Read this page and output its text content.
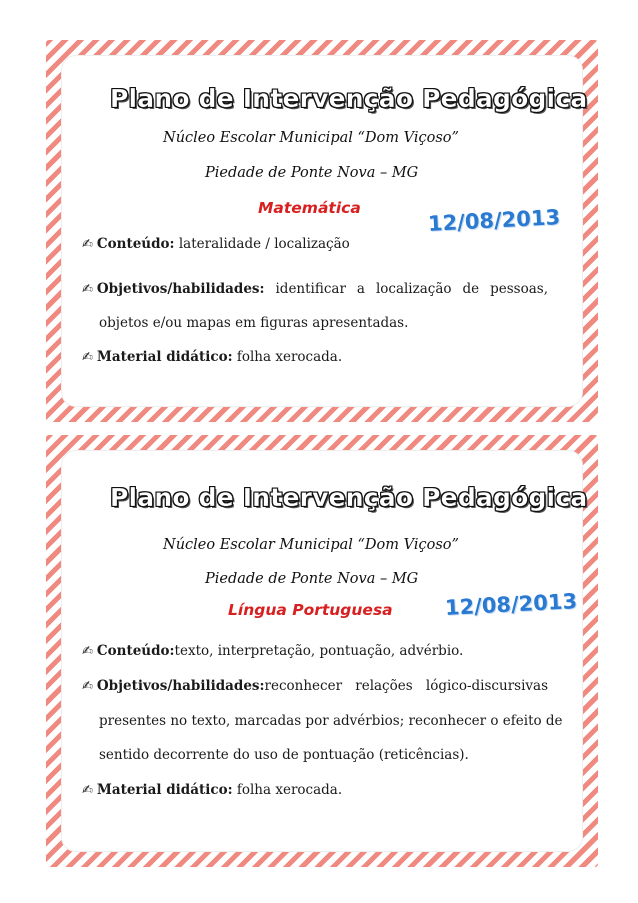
Plano de Intervenção Pedagógica
Núcleo Escolar Municipal “Dom Viçoso”
Piedade de Ponte Nova – MG
Matemática	12/08/2013
✍ Conteúdo: lateralidade / localização
✍ Objetivos/habilidades: identificar a localização de pessoas,
objetos e/ou mapas em figuras apresentadas.
✍ Material didático: folha xerocada.
Plano de Intervenção Pedagógica
Núcleo Escolar Municipal “Dom Viçoso”
Piedade de Ponte Nova – MG
Língua Portuguesa 12/08/2013
✍ Conteúdo:texto, interpretação, pontuação, advérbio.
✍ Objetivos/habilidades:reconhecer relações lógico-discursivas
presentes no texto, marcadas por advérbios; reconhecer o efeito de
sentido decorrente do uso de pontuação (reticências).
✍ Material didático: folha xerocada.
